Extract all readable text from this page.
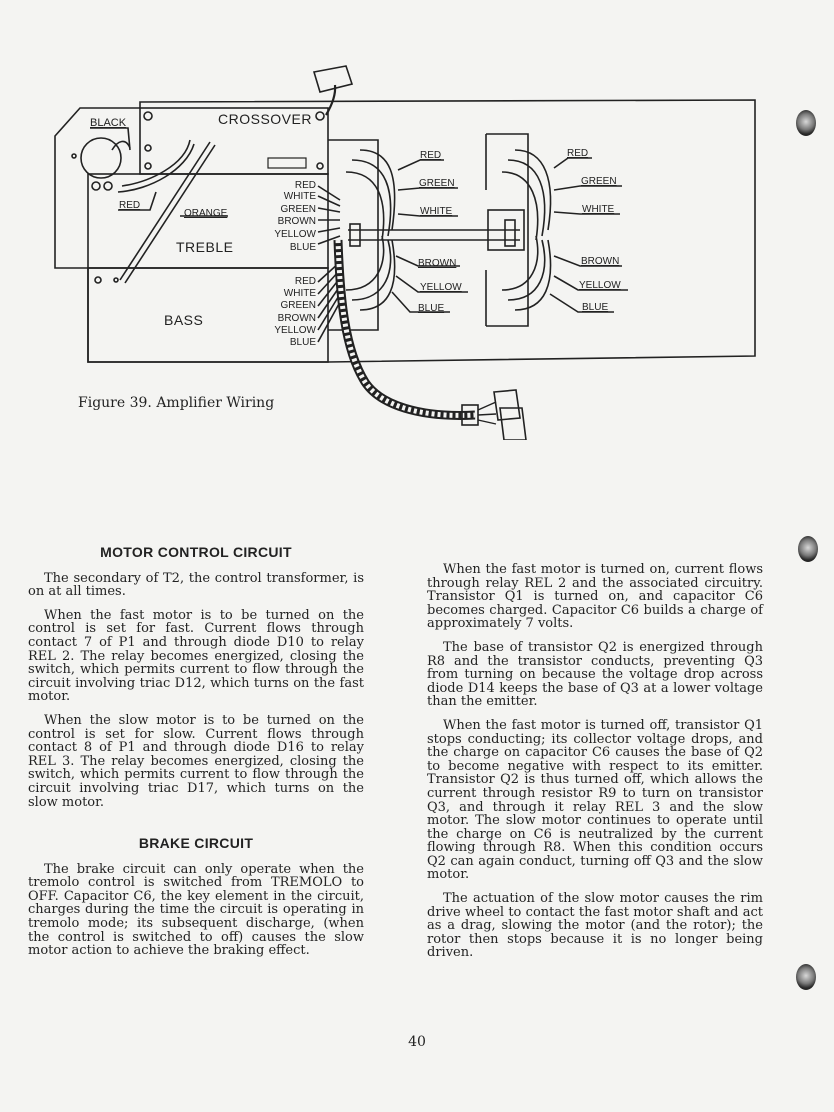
BLACK	CROSSOVER
RED
ORANGE
TREBLE
BASS
RED
WHITE
GREEN
BROWN
YELLOW
BLUE
RED
WHITE
GREEN
BROWN
YELLOW
BLUE
RED
GREEN
WHITE
BROWN
YELLOW
BLUE
RED
GREEN
WHITE
BROWN
YELLOW
BLUE
Figure 39. Amplifier Wiring
MOTOR CONTROL CIRCUIT

The secondary of T2, the control transformer, is on at all times.

When the fast motor is to be turned on the control is set for fast. Current flows through contact 7 of P1 and through diode D10 to relay REL 2. The relay becomes energized, closing the switch, which permits current to flow through the circuit involving triac D12, which turns on the fast motor.

When the slow motor is to be turned on the control is set for slow. Current flows through contact 8 of P1 and through diode D16 to relay REL 3. The relay becomes energized, closing the switch, which permits current to flow through the circuit involving triac D17, which turns on the slow motor.

BRAKE CIRCUIT

The brake circuit can only operate when the tremolo control is switched from TREMOLO to OFF. Capacitor C6, the key element in the circuit, charges during the time the circuit is operating in tremolo mode; its subsequent discharge, (when the control is switched to off) causes the slow motor action to achieve the braking effect.

When the fast motor is turned on, current flows through relay REL 2 and the associated circuitry. Transistor Q1 is turned on, and capacitor C6 becomes charged. Capacitor C6 builds a charge of approximately 7 volts.

The base of transistor Q2 is energized through R8 and the transistor conducts, preventing Q3 from turning on because the voltage drop across diode D14 keeps the base of Q3 at a lower voltage than the emitter.

When the fast motor is turned off, transistor Q1 stops conducting; its collector voltage drops, and the charge on capacitor C6 causes the base of Q2 to become negative with respect to its emitter. Transistor Q2 is thus turned off, which allows the current through resistor R9 to turn on transistor Q3, and through it relay REL 3 and the slow motor. The slow motor continues to operate until the charge on C6 is neutralized by the current flowing through R8. When this condition occurs Q2 can again conduct, turning off Q3 and the slow motor.

The actuation of the slow motor causes the rim drive wheel to contact the fast motor shaft and act as a drag, slowing the motor (and the rotor); the rotor then stops because it is no longer being driven.

40
